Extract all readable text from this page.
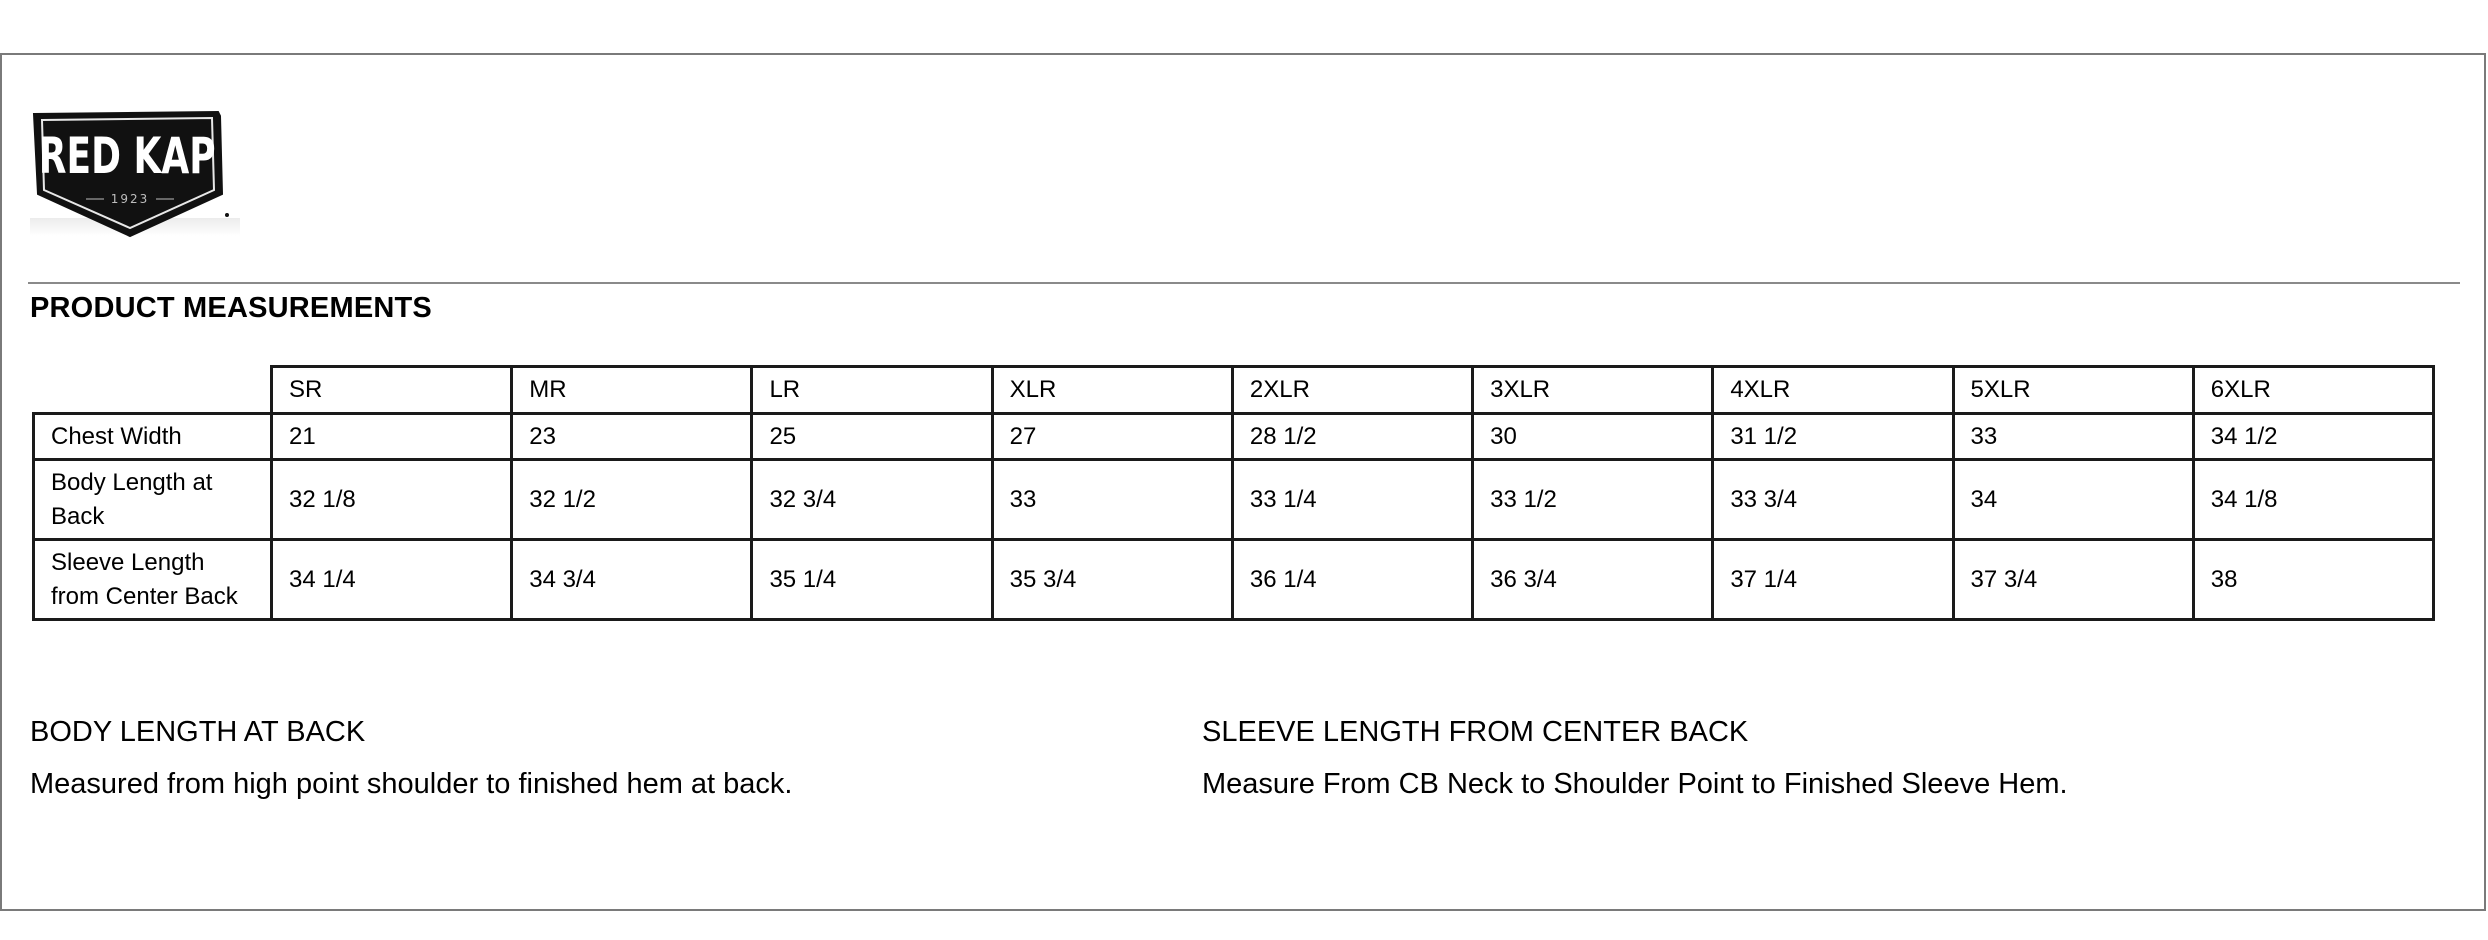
RED KAP
1923
PRODUCT MEASUREMENTS
	SR	MR	LR	XLR	2XLR	3XLR	4XLR	5XLR	6XLR
Chest Width	21	23	25	27	28 1/2	30	31 1/2	33	34 1/2
Body Length at Back	32 1/8	32 1/2	32 3/4	33	33 1/4	33 1/2	33 3/4	34	34 1/8
Sleeve Length from Center Back	34 1/4	34 3/4	35 1/4	35 3/4	36 1/4	36 3/4	37 1/4	37 3/4	38
BODY LENGTH AT BACK
Measured from high point shoulder to finished hem at back.
SLEEVE LENGTH FROM CENTER BACK
Measure From CB Neck to Shoulder Point to Finished Sleeve Hem.
